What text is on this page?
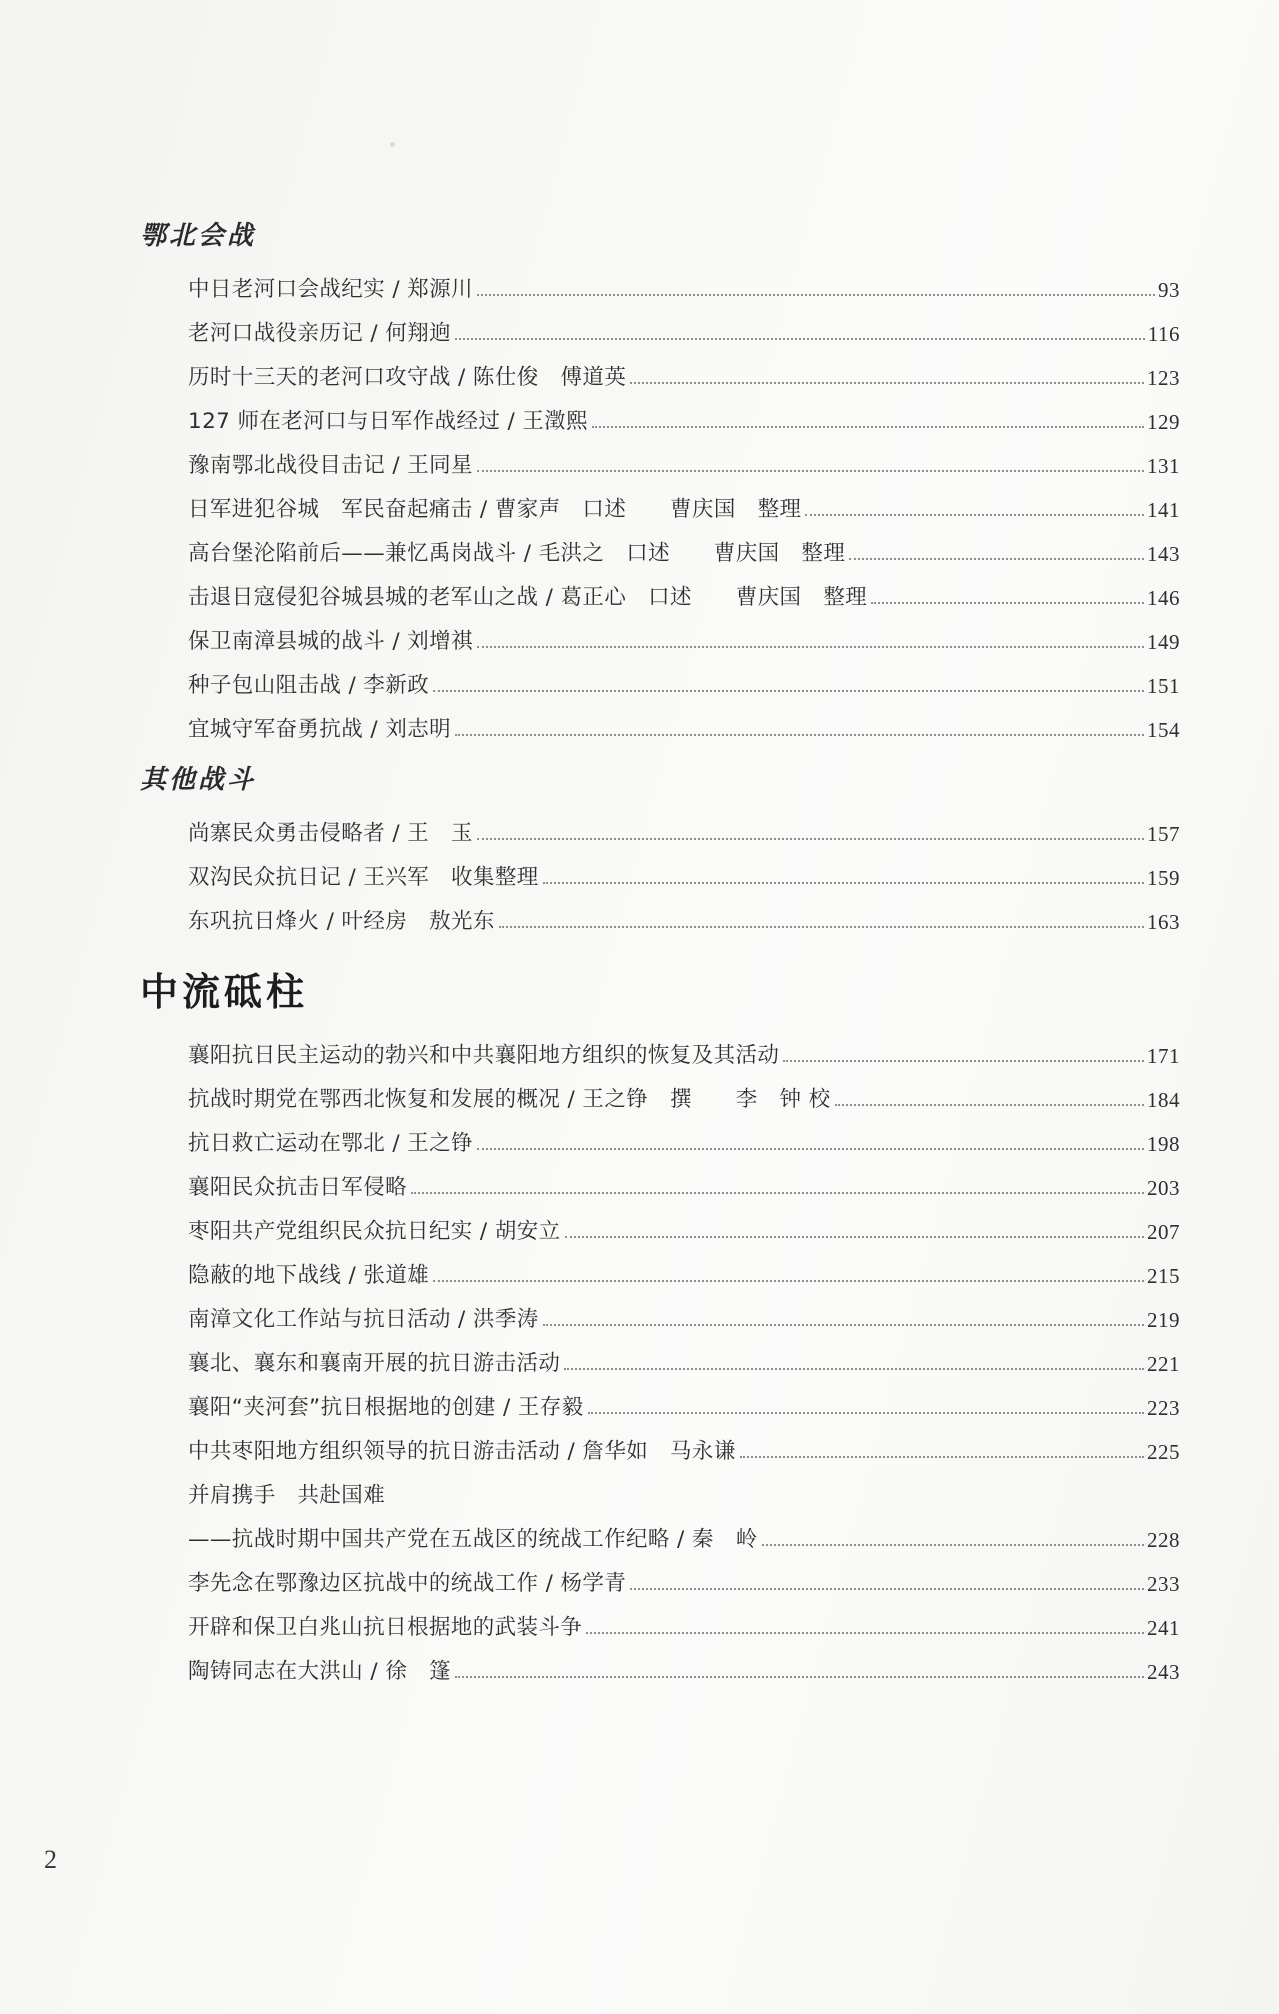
鄂北会战
中日老河口会战纪实 / 郑源川	93
老河口战役亲历记 / 何翔逈	116
历时十三天的老河口攻守战 / 陈仕俊　傅道英	123
127 师在老河口与日军作战经过 / 王澂熙	129
豫南鄂北战役目击记 / 王同星	131
日军进犯谷城　军民奋起痛击 / 曹家声　口述　　曹庆国　整理	141
高台堡沦陷前后——兼忆禹岗战斗 / 毛洪之　口述　　曹庆国　整理	143
击退日寇侵犯谷城县城的老军山之战 / 葛正心　口述　　曹庆国　整理	146
保卫南漳县城的战斗 / 刘增祺	149
种子包山阻击战 / 李新政	151
宜城守军奋勇抗战 / 刘志明	154
其他战斗
尚寨民众勇击侵略者 / 王　玉	157
双沟民众抗日记 / 王兴军　收集整理	159
东巩抗日烽火 / 叶经房　敖光东	163
中流砥柱
襄阳抗日民主运动的勃兴和中共襄阳地方组织的恢复及其活动	171
抗战时期党在鄂西北恢复和发展的概况 / 王之铮　撰　　李　钟 校	184
抗日救亡运动在鄂北 / 王之铮	198
襄阳民众抗击日军侵略	203
枣阳共产党组织民众抗日纪实 / 胡安立	207
隐蔽的地下战线 / 张道雄	215
南漳文化工作站与抗日活动 / 洪季涛	219
襄北、襄东和襄南开展的抗日游击活动	221
襄阳“夹河套”抗日根据地的创建 / 王存毅	223
中共枣阳地方组织领导的抗日游击活动 / 詹华如　马永谦	225
并肩携手　共赴国难
——抗战时期中国共产党在五战区的统战工作纪略 / 秦　岭	228
李先念在鄂豫边区抗战中的统战工作 / 杨学青	233
开辟和保卫白兆山抗日根据地的武装斗争	241
陶铸同志在大洪山 / 徐　篷	243
2
